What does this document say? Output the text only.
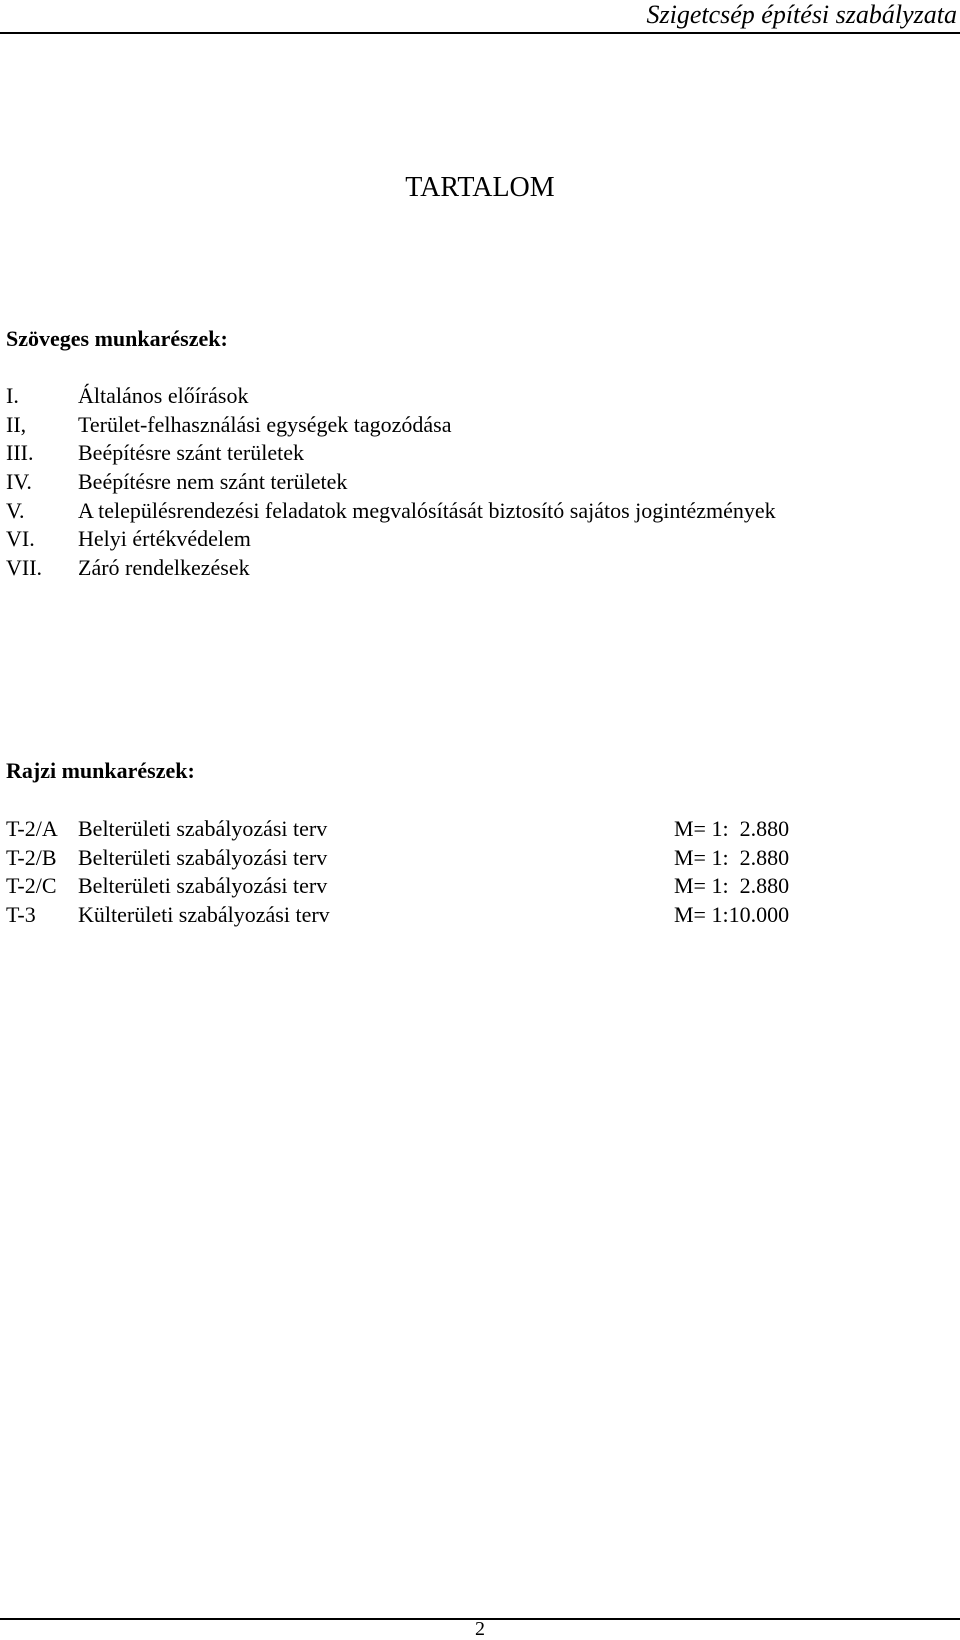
Szigetcsép építési szabályzata
TARTALOM
Szöveges munkarészek:
I.	Általános előírások
II, Terület-felhasználási egységek tagozódása
III. Beépítésre szánt területek
IV. Beépítésre nem szánt területek
V. A településrendezési feladatok megvalósítását biztosító sajátos jogintézmények
VI. Helyi értékvédelem
VII. Záró rendelkezések
Rajzi munkarészek:
T-2/A Belterületi szabályozási terv	M= 1:  2.880
T-2/B Belterületi szabályozási terv	M= 1:  2.880
T-2/C Belterületi szabályozási terv	M= 1:  2.880
T-3 Külterületi szabályozási terv	M= 1:10.000
2
